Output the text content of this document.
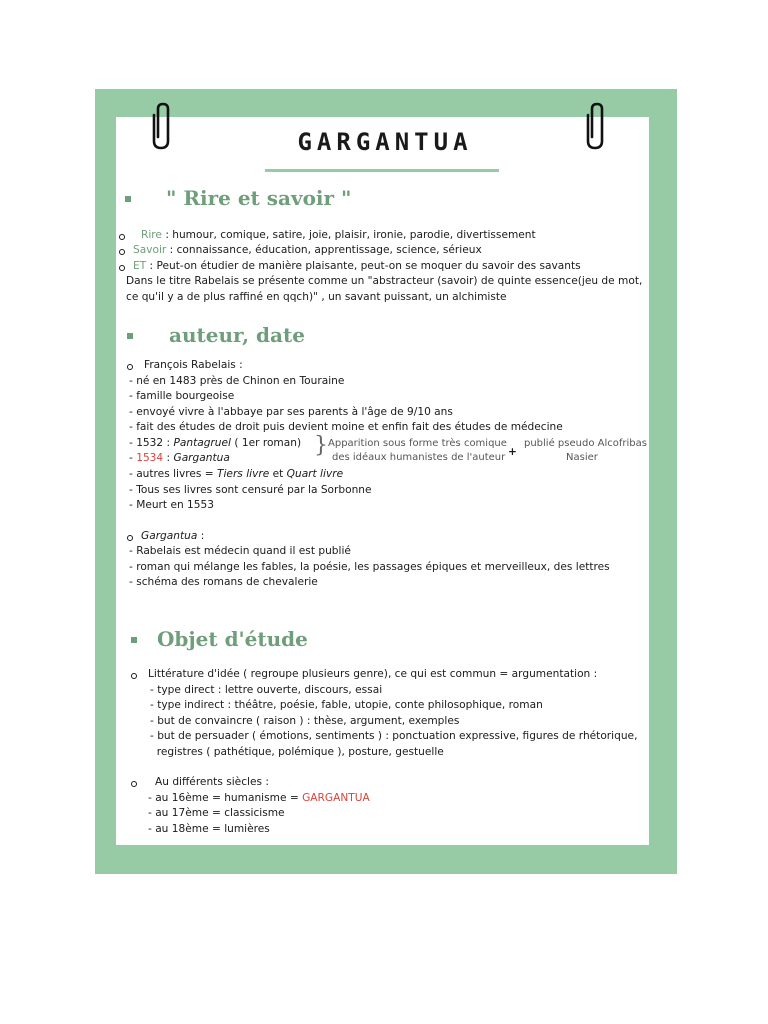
GARGANTUA
" Rire et savoir "
Rire : humour, comique, satire, joie, plaisir, ironie, parodie, divertissement
Savoir : connaissance, éducation, apprentissage, science, sérieux
ET : Peut-on étudier de manière plaisante, peut-on se moquer du savoir des savants
Dans le titre Rabelais se présente comme un "abstracteur (savoir) de quinte essence(jeu de mot,
ce qu'il y a de plus raffiné en qqch)" , un savant puissant, un alchimiste
auteur, date
François Rabelais :
- né en 1483 près de Chinon en Touraine
- famille bourgeoise
- envoyé vivre à l'abbaye par ses parents à l'âge de 9/10 ans
- fait des études de droit puis devient moine et enfin fait des études de médecine
- 1532 : Pantagruel ( 1er roman)
- 1534 : Gargantua	} Apparition sous forme très comique
des idéaux humanistes de l'auteur +
publié pseudo Alcofribas
Nasier
- autres livres = Tiers livre et Quart livre
- Tous ses livres sont censuré par la Sorbonne
- Meurt en 1553
Gargantua :
- Rabelais est médecin quand il est publié
- roman qui mélange les fables, la poésie, les passages épiques et merveilleux, des lettres
- schéma des romans de chevalerie
Objet d'étude
Littérature d'idée ( regroupe plusieurs genre), ce qui est commun = argumentation :
- type direct : lettre ouverte, discours, essai
- type indirect : théâtre, poésie, fable, utopie, conte philosophique, roman
- but de convaincre ( raison ) : thèse, argument, exemples
- but de persuader ( émotions, sentiments ) : ponctuation expressive, figures de rhétorique,
registres ( pathétique, polémique ), posture, gestuelle
Au différents siècles :
- au 16ème = humanisme = GARGANTUA
- au 17ème = classicisme
- au 18ème = lumières
